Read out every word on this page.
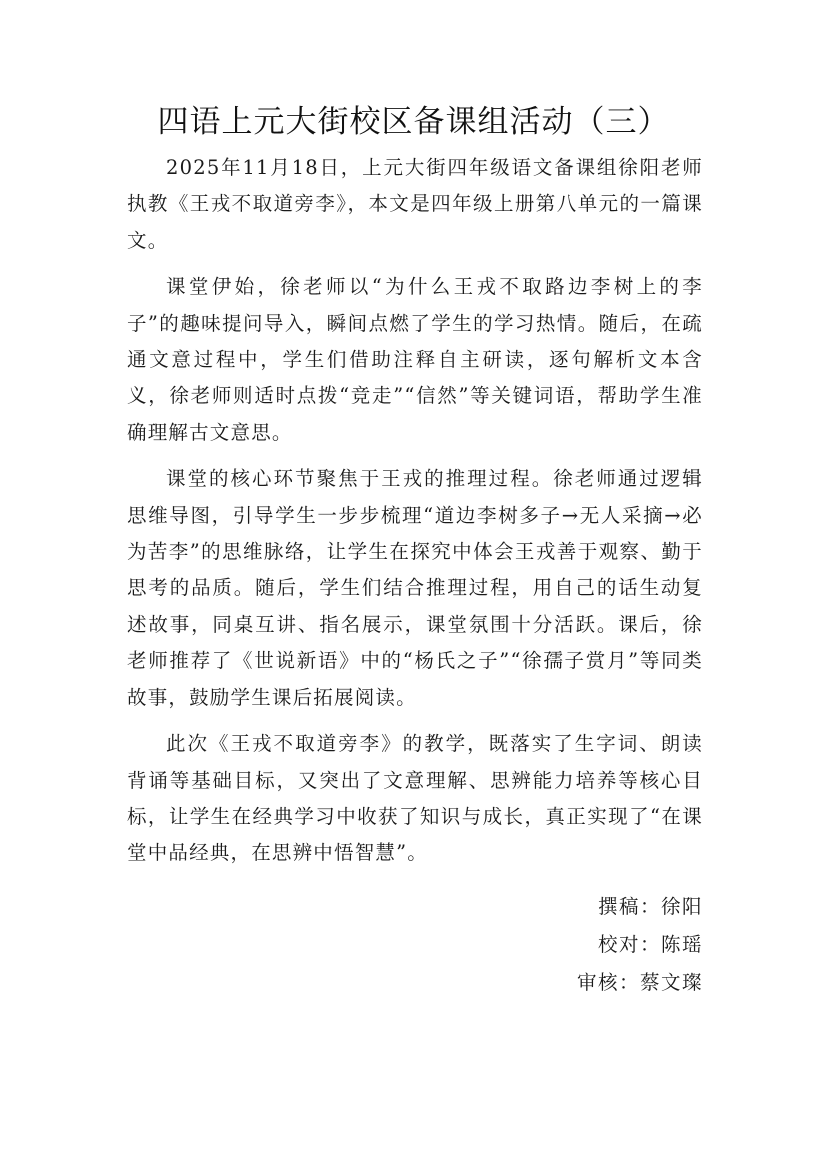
四语上元大街校区备课组活动（三）

2025年11月18日，上元大街四年级语文备课组徐阳老师执教《王戎不取道旁李》，本文是四年级上册第八单元的一篇课文。

课堂伊始，徐老师以“为什么王戎不取路边李树上的李子”的趣味提问导入，瞬间点燃了学生的学习热情。随后，在疏通文意过程中，学生们借助注释自主研读，逐句解析文本含义，徐老师则适时点拨“竞走”“信然”等关键词语，帮助学生准确理解古文意思。

课堂的核心环节聚焦于王戎的推理过程。徐老师通过逻辑思维导图，引导学生一步步梳理“道边李树多子→无人采摘→必为苦李”的思维脉络，让学生在探究中体会王戎善于观察、勤于思考的品质。随后，学生们结合推理过程，用自己的话生动复述故事，同桌互讲、指名展示，课堂氛围十分活跃。课后，徐老师推荐了《世说新语》中的“杨氏之子”“徐孺子赏月”等同类故事，鼓励学生课后拓展阅读。

此次《王戎不取道旁李》的教学，既落实了生字词、朗读背诵等基础目标，又突出了文意理解、思辨能力培养等核心目标，让学生在经典学习中收获了知识与成长，真正实现了“在课堂中品经典，在思辨中悟智慧”。

撰稿：徐阳
校对：陈瑶
审核：蔡文璨
